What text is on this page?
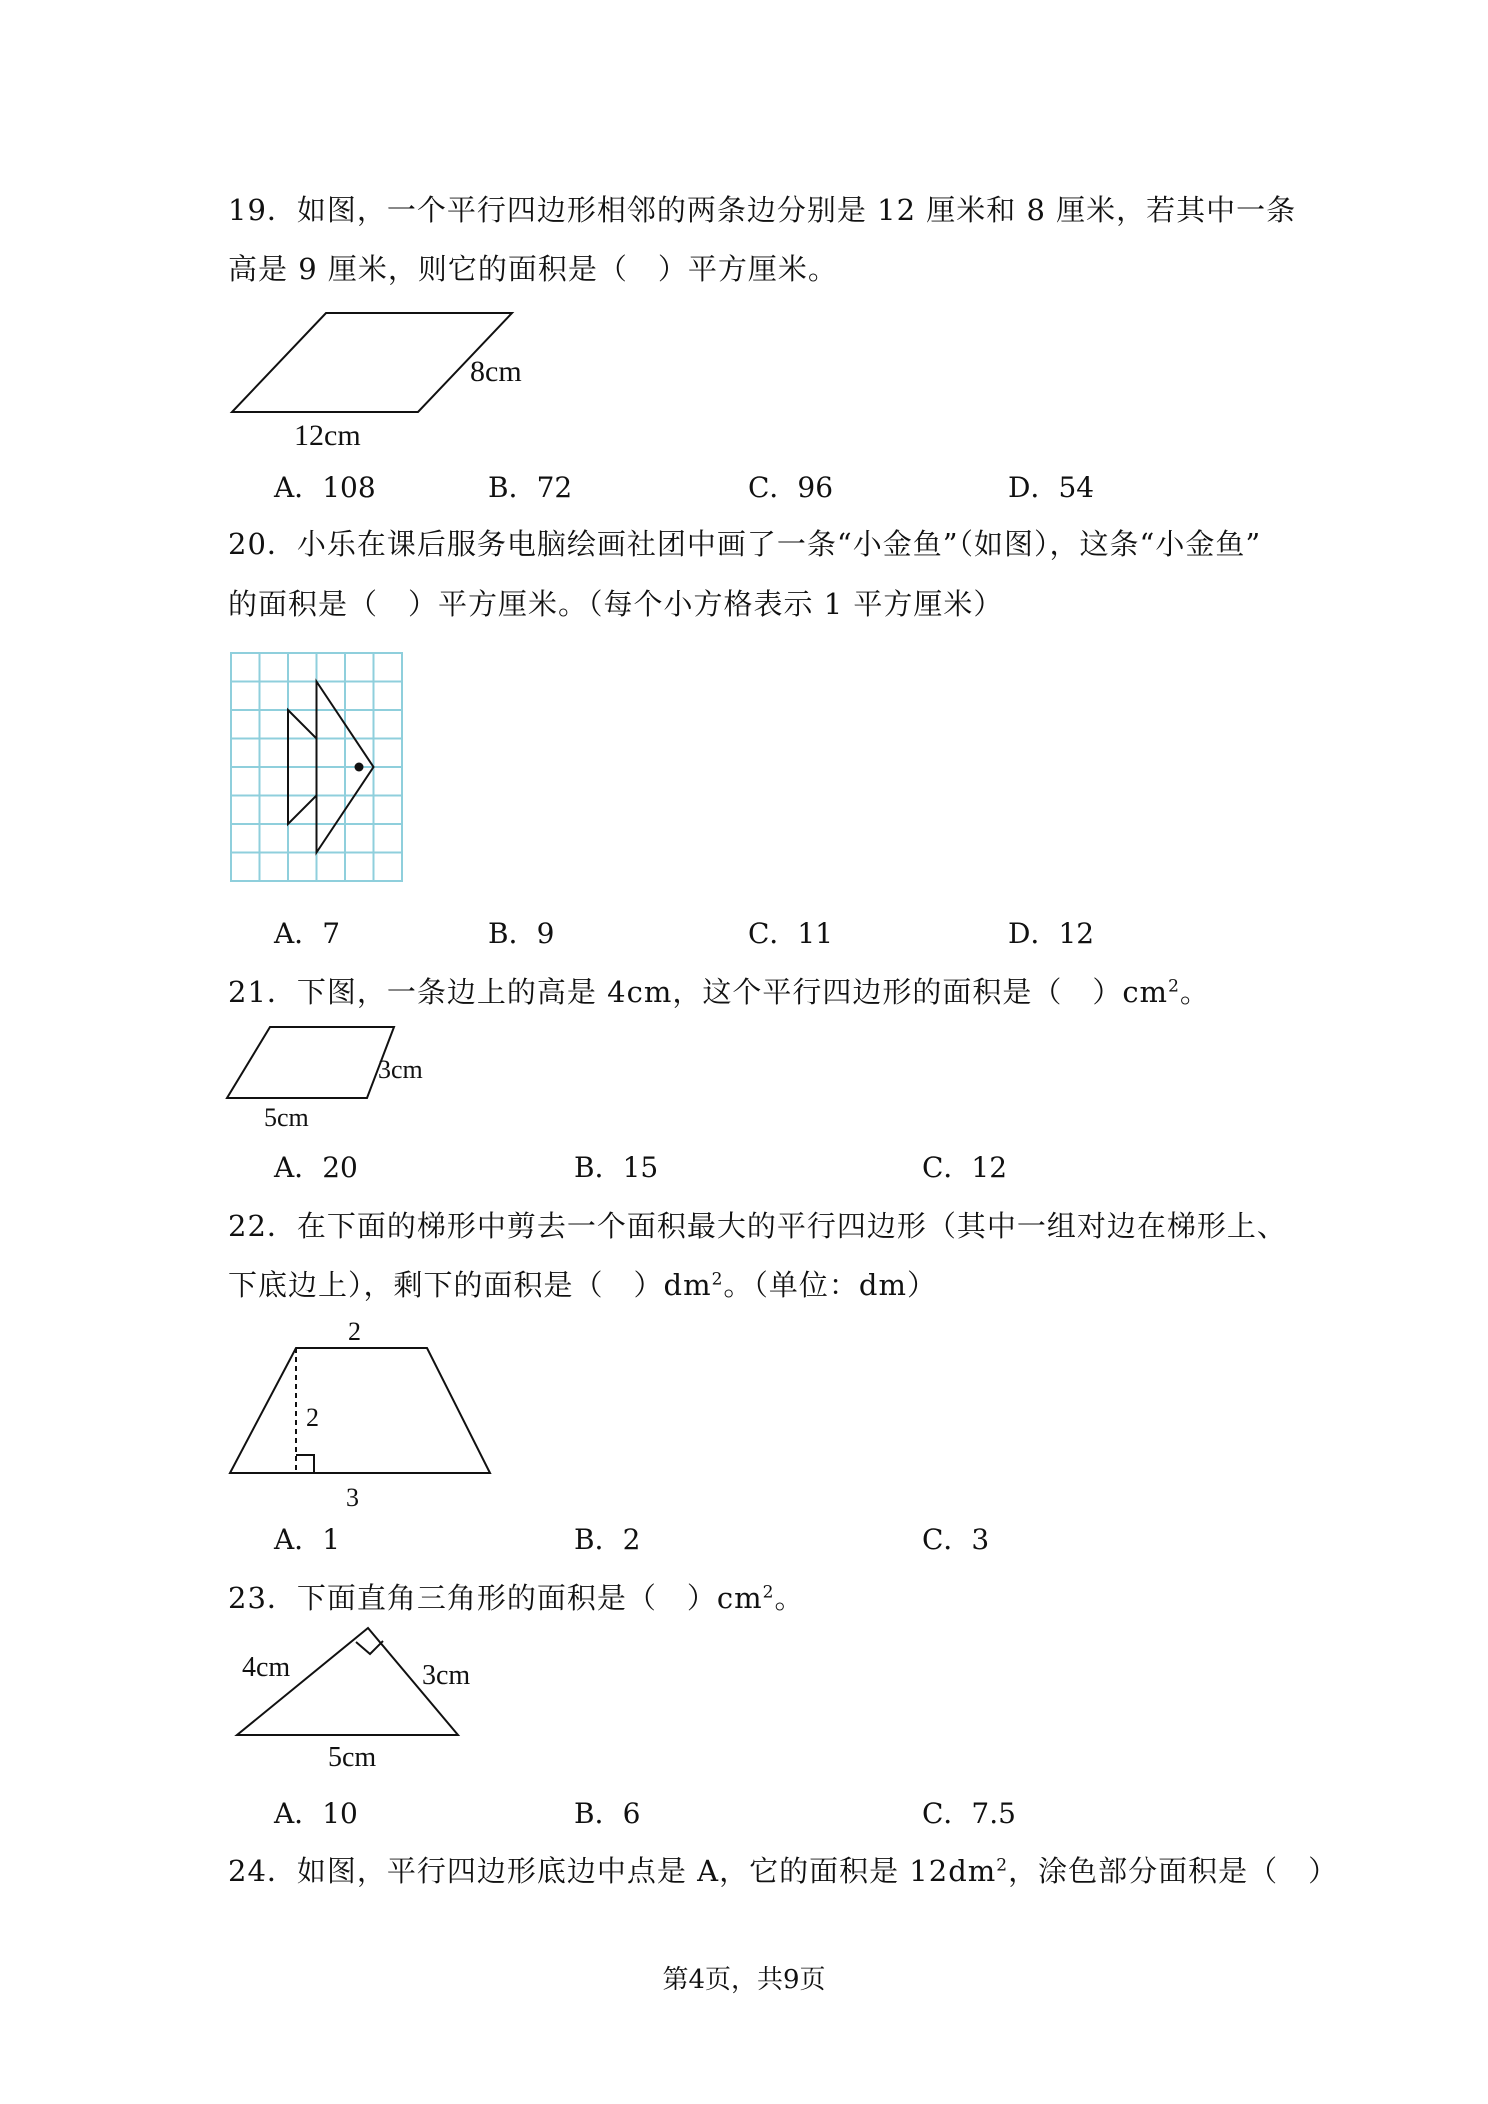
19．如图，一个平行四边形相邻的两条边分别是 12 厘米和 8 厘米，若其中一条
高是 9 厘米，则它的面积是（　）平方厘米。
8cm
12cm
A．108	B．72	C．96	D．54
20．小乐在课后服务电脑绘画社团中画了一条“小金鱼”（如图），这条“小金鱼”
的面积是（　）平方厘米。（每个小方格表示 1 平方厘米）
A．7	B．9	C．11	D．12
21．下图，一条边上的高是 4cm，这个平行四边形的面积是（　）$cm^2$。
3cm
5cm
A．20	B．15	C．12
22．在下面的梯形中剪去一个面积最大的平行四边形（其中一组对边在梯形上、
下底边上），剩下的面积是（　）$dm^2$。（单位：dm）
2
2
3
A．1	B．2	C．3
23．下面直角三角形的面积是（　）$cm^2$。
4cm	3cm
5cm
A．10	B．6	C．7.5
24．如图，平行四边形底边中点是 A，它的面积是 $12dm^2$，涂色部分面积是（　）
第4页，共9页
